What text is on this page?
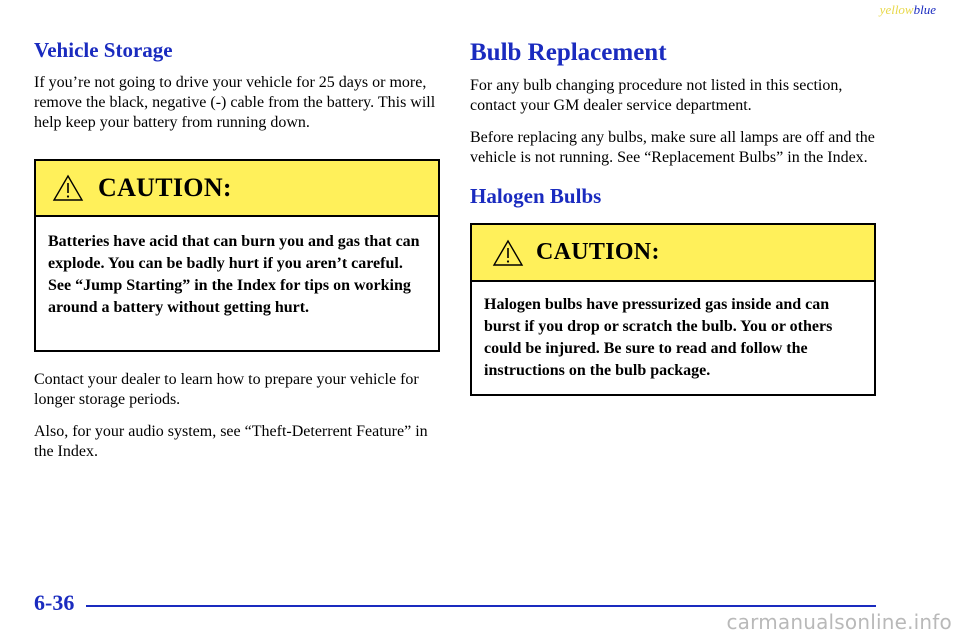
yellowblue
Vehicle Storage

If you’re not going to drive your vehicle for 25 days or more, remove the black, negative (-) cable from the battery. This will help keep your battery from running down.

CAUTION:
Batteries have acid that can burn you and gas that can explode. You can be badly hurt if you aren’t careful. See “Jump Starting” in the Index for tips on working around a battery without getting hurt.

Contact your dealer to learn how to prepare your vehicle for longer storage periods.

Also, for your audio system, see “Theft-Deterrent Feature” in the Index.

Bulb Replacement

For any bulb changing procedure not listed in this section, contact your GM dealer service department.

Before replacing any bulbs, make sure all lamps are off and the vehicle is not running. See “Replacement Bulbs” in the Index.

Halogen Bulbs
CAUTION:
Halogen bulbs have pressurized gas inside and can burst if you drop or scratch the bulb. You or others could be injured. Be sure to read and follow the instructions on the bulb package.
6-36
carmanualsonline.info
